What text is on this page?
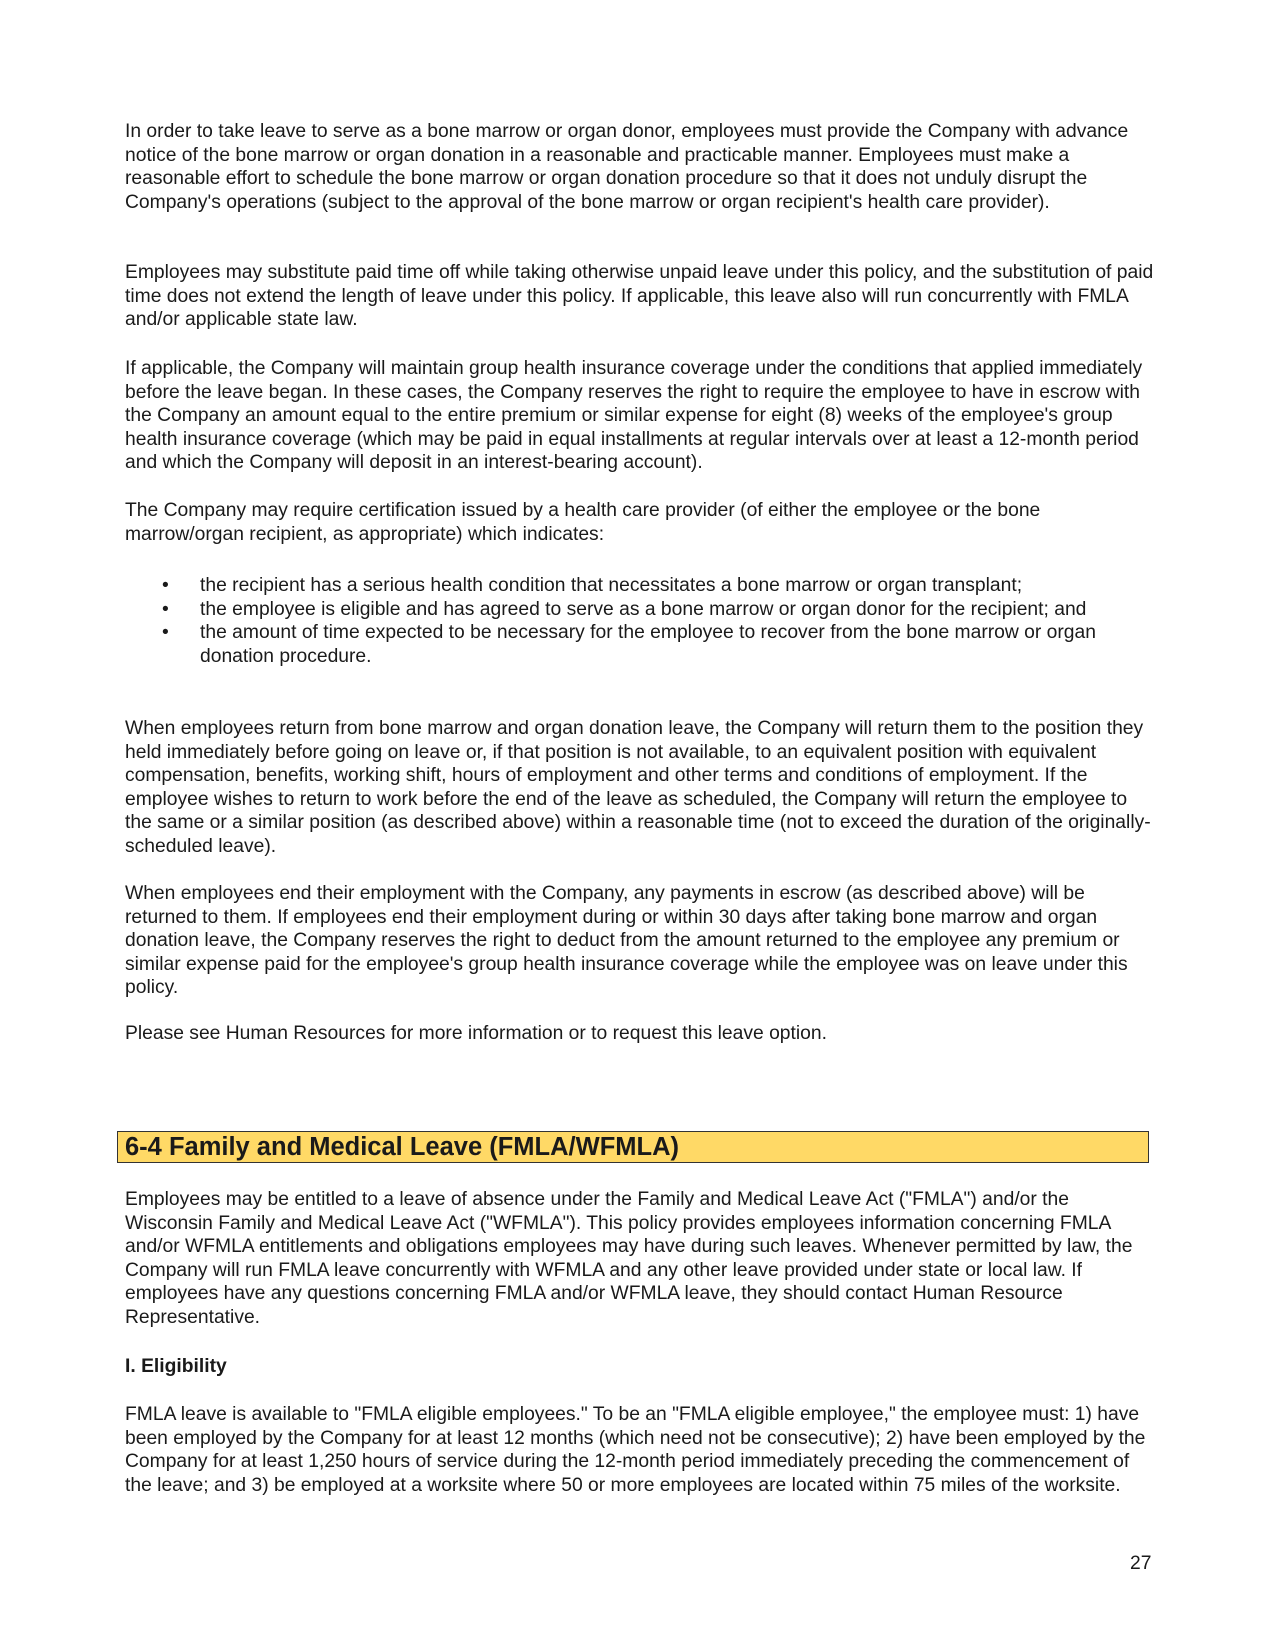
In order to take leave to serve as a bone marrow or organ donor, employees must provide the Company with advance notice of the bone marrow or organ donation in a reasonable and practicable manner. Employees must make a reasonable effort to schedule the bone marrow or organ donation procedure so that it does not unduly disrupt the Company's operations (subject to the approval of the bone marrow or organ recipient's health care provider).

Employees may substitute paid time off while taking otherwise unpaid leave under this policy, and the substitution of paid time does not extend the length of leave under this policy. If applicable, this leave also will run concurrently with FMLA and/or applicable state law.

If applicable, the Company will maintain group health insurance coverage under the conditions that applied immediately before the leave began. In these cases, the Company reserves the right to require the employee to have in escrow with the Company an amount equal to the entire premium or similar expense for eight (8) weeks of the employee's group health insurance coverage (which may be paid in equal installments at regular intervals over at least a 12-month period and which the Company will deposit in an interest-bearing account).

The Company may require certification issued by a health care provider (of either the employee or the bone marrow/organ recipient, as appropriate) which indicates:

• the recipient has a serious health condition that necessitates a bone marrow or organ transplant;
• the employee is eligible and has agreed to serve as a bone marrow or organ donor for the recipient; and
• the amount of time expected to be necessary for the employee to recover from the bone marrow or organ donation procedure.

When employees return from bone marrow and organ donation leave, the Company will return them to the position they held immediately before going on leave or, if that position is not available, to an equivalent position with equivalent compensation, benefits, working shift, hours of employment and other terms and conditions of employment. If the employee wishes to return to work before the end of the leave as scheduled, the Company will return the employee to the same or a similar position (as described above) within a reasonable time (not to exceed the duration of the originally-scheduled leave).

When employees end their employment with the Company, any payments in escrow (as described above) will be returned to them. If employees end their employment during or within 30 days after taking bone marrow and organ donation leave, the Company reserves the right to deduct from the amount returned to the employee any premium or similar expense paid for the employee's group health insurance coverage while the employee was on leave under this policy.

Please see Human Resources for more information or to request this leave option.

6-4 Family and Medical Leave (FMLA/WFMLA)

Employees may be entitled to a leave of absence under the Family and Medical Leave Act ("FMLA") and/or the Wisconsin Family and Medical Leave Act ("WFMLA"). This policy provides employees information concerning FMLA and/or WFMLA entitlements and obligations employees may have during such leaves. Whenever permitted by law, the Company will run FMLA leave concurrently with WFMLA and any other leave provided under state or local law. If employees have any questions concerning FMLA and/or WFMLA leave, they should contact Human Resource Representative.

I. Eligibility

FMLA leave is available to "FMLA eligible employees." To be an "FMLA eligible employee," the employee must: 1) have been employed by the Company for at least 12 months (which need not be consecutive); 2) have been employed by the Company for at least 1,250 hours of service during the 12-month period immediately preceding the commencement of the leave; and 3) be employed at a worksite where 50 or more employees are located within 75 miles of the worksite.

27
